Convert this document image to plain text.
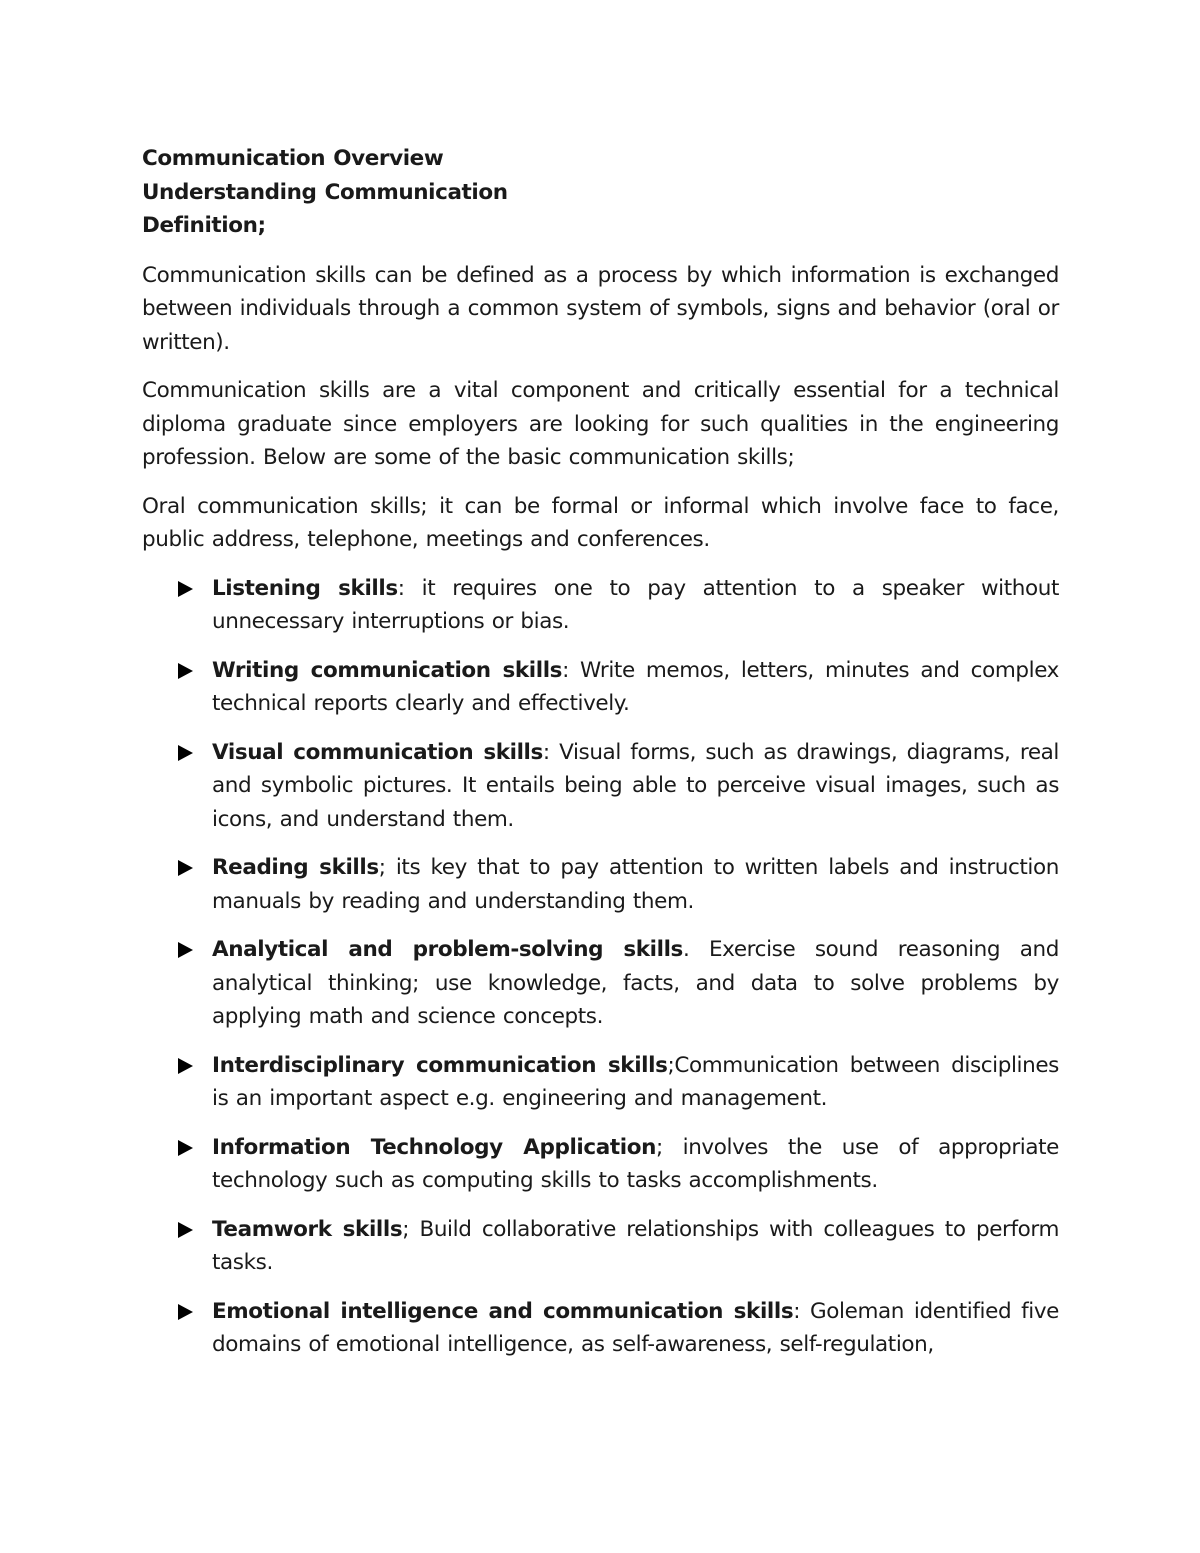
Communication Overview

Understanding Communication

Definition;

Communication skills can be defined as a process by which information is exchanged between individuals through a common system of symbols, signs and behavior (oral or written).

Communication skills are a vital component and critically essential for a technical diploma graduate since employers are looking for such qualities in the engineering profession. Below are some of the basic communication skills;

Oral communication skills; it can be formal or informal which involve face to face, public address, telephone, meetings and conferences.

Listening skills: it requires one to pay attention to a speaker without unnecessary interruptions or bias.
Writing communication skills: Write memos, letters, minutes and complex technical reports clearly and effectively.
Visual communication skills: Visual forms, such as drawings, diagrams, real and symbolic pictures. It entails being able to perceive visual images, such as icons, and understand them.
Reading skills; its key that to pay attention to written labels and instruction manuals by reading and understanding them.
Analytical and problem-solving skills. Exercise sound reasoning and analytical thinking; use knowledge, facts, and data to solve problems by applying math and science concepts.
Interdisciplinary communication skills;Communication between disciplines is an important aspect e.g. engineering and management.
Information Technology Application; involves the use of appropriate technology such as computing skills to tasks accomplishments.
Teamwork skills; Build collaborative relationships with colleagues to perform tasks.
Emotional intelligence and communication skills: Goleman identified five domains of emotional intelligence, as self-awareness, self-regulation,
